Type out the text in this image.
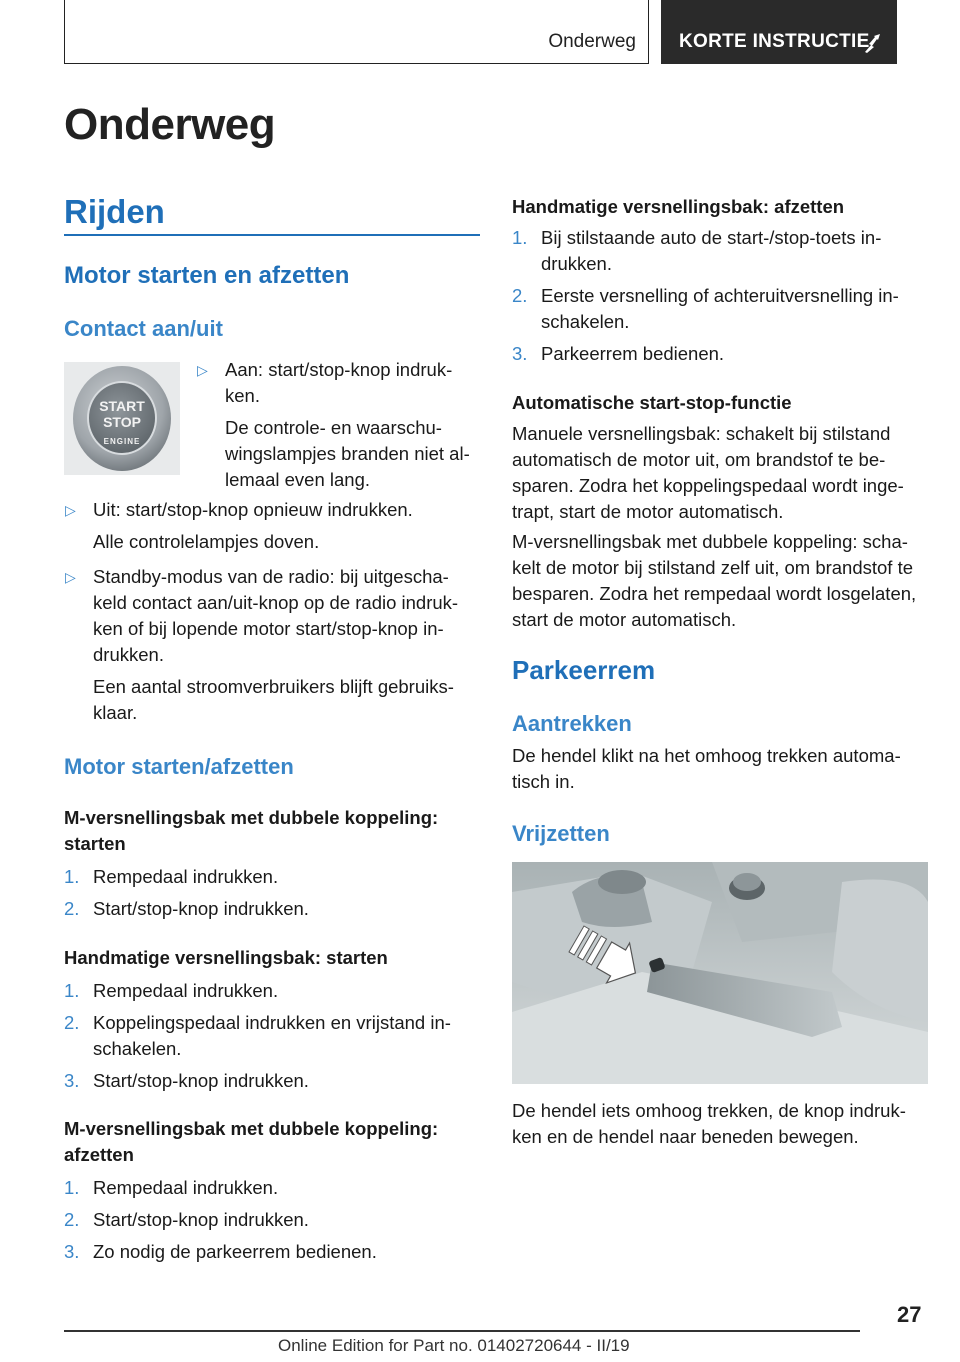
Onderweg KORTE INSTRUCTIE
Onderweg
Rijden
Motor starten en afzetten
Contact aan/uit
START
STOP
ENGINE
▷ Aan: start/stop-knop indruk-ken.
De controle- en waarschu-wingslampjes branden niet al-lemaal even lang.
▷ Uit: start/stop-knop opnieuw indrukken.
Alle controlelampjes doven.
▷ Standby-modus van de radio: bij uitgescha-keld contact aan/uit-knop op de radio indruk-ken of bij lopende motor start/stop-knop in-drukken.
Een aantal stroomverbruikers blijft gebruiks-klaar.
Motor starten/afzetten
M-versnellingsbak met dubbele koppeling: starten
1. Rempedaal indrukken.
2. Start/stop-knop indrukken.
Handmatige versnellingsbak: starten
1. Rempedaal indrukken.
2. Koppelingspedaal indrukken en vrijstand in-schakelen.
3. Start/stop-knop indrukken.
M-versnellingsbak met dubbele koppeling: afzetten
1. Rempedaal indrukken.
2. Start/stop-knop indrukken.
3. Zo nodig de parkeerrem bedienen.
Handmatige versnellingsbak: afzetten
1. Bij stilstaande auto de start-/stop-toets in-drukken.
2. Eerste versnelling of achteruitversnelling in-schakelen.
3. Parkeerrem bedienen.
Automatische start-stop-functie
Manuele versnellingsbak: schakelt bij stilstand automatisch de motor uit, om brandstof te be-sparen. Zodra het koppelingspedaal wordt inge-trapt, start de motor automatisch.
M-versnellingsbak met dubbele koppeling: scha-kelt de motor bij stilstand zelf uit, om brandstof te besparen. Zodra het rempedaal wordt losgelaten, start de motor automatisch.
Parkeerrem
Aantrekken
De hendel klikt na het omhoog trekken automa-tisch in.
Vrijzetten
De hendel iets omhoog trekken, de knop indruk-ken en de hendel naar beneden bewegen.
27
Online Edition for Part no. 01402720644 - II/19
